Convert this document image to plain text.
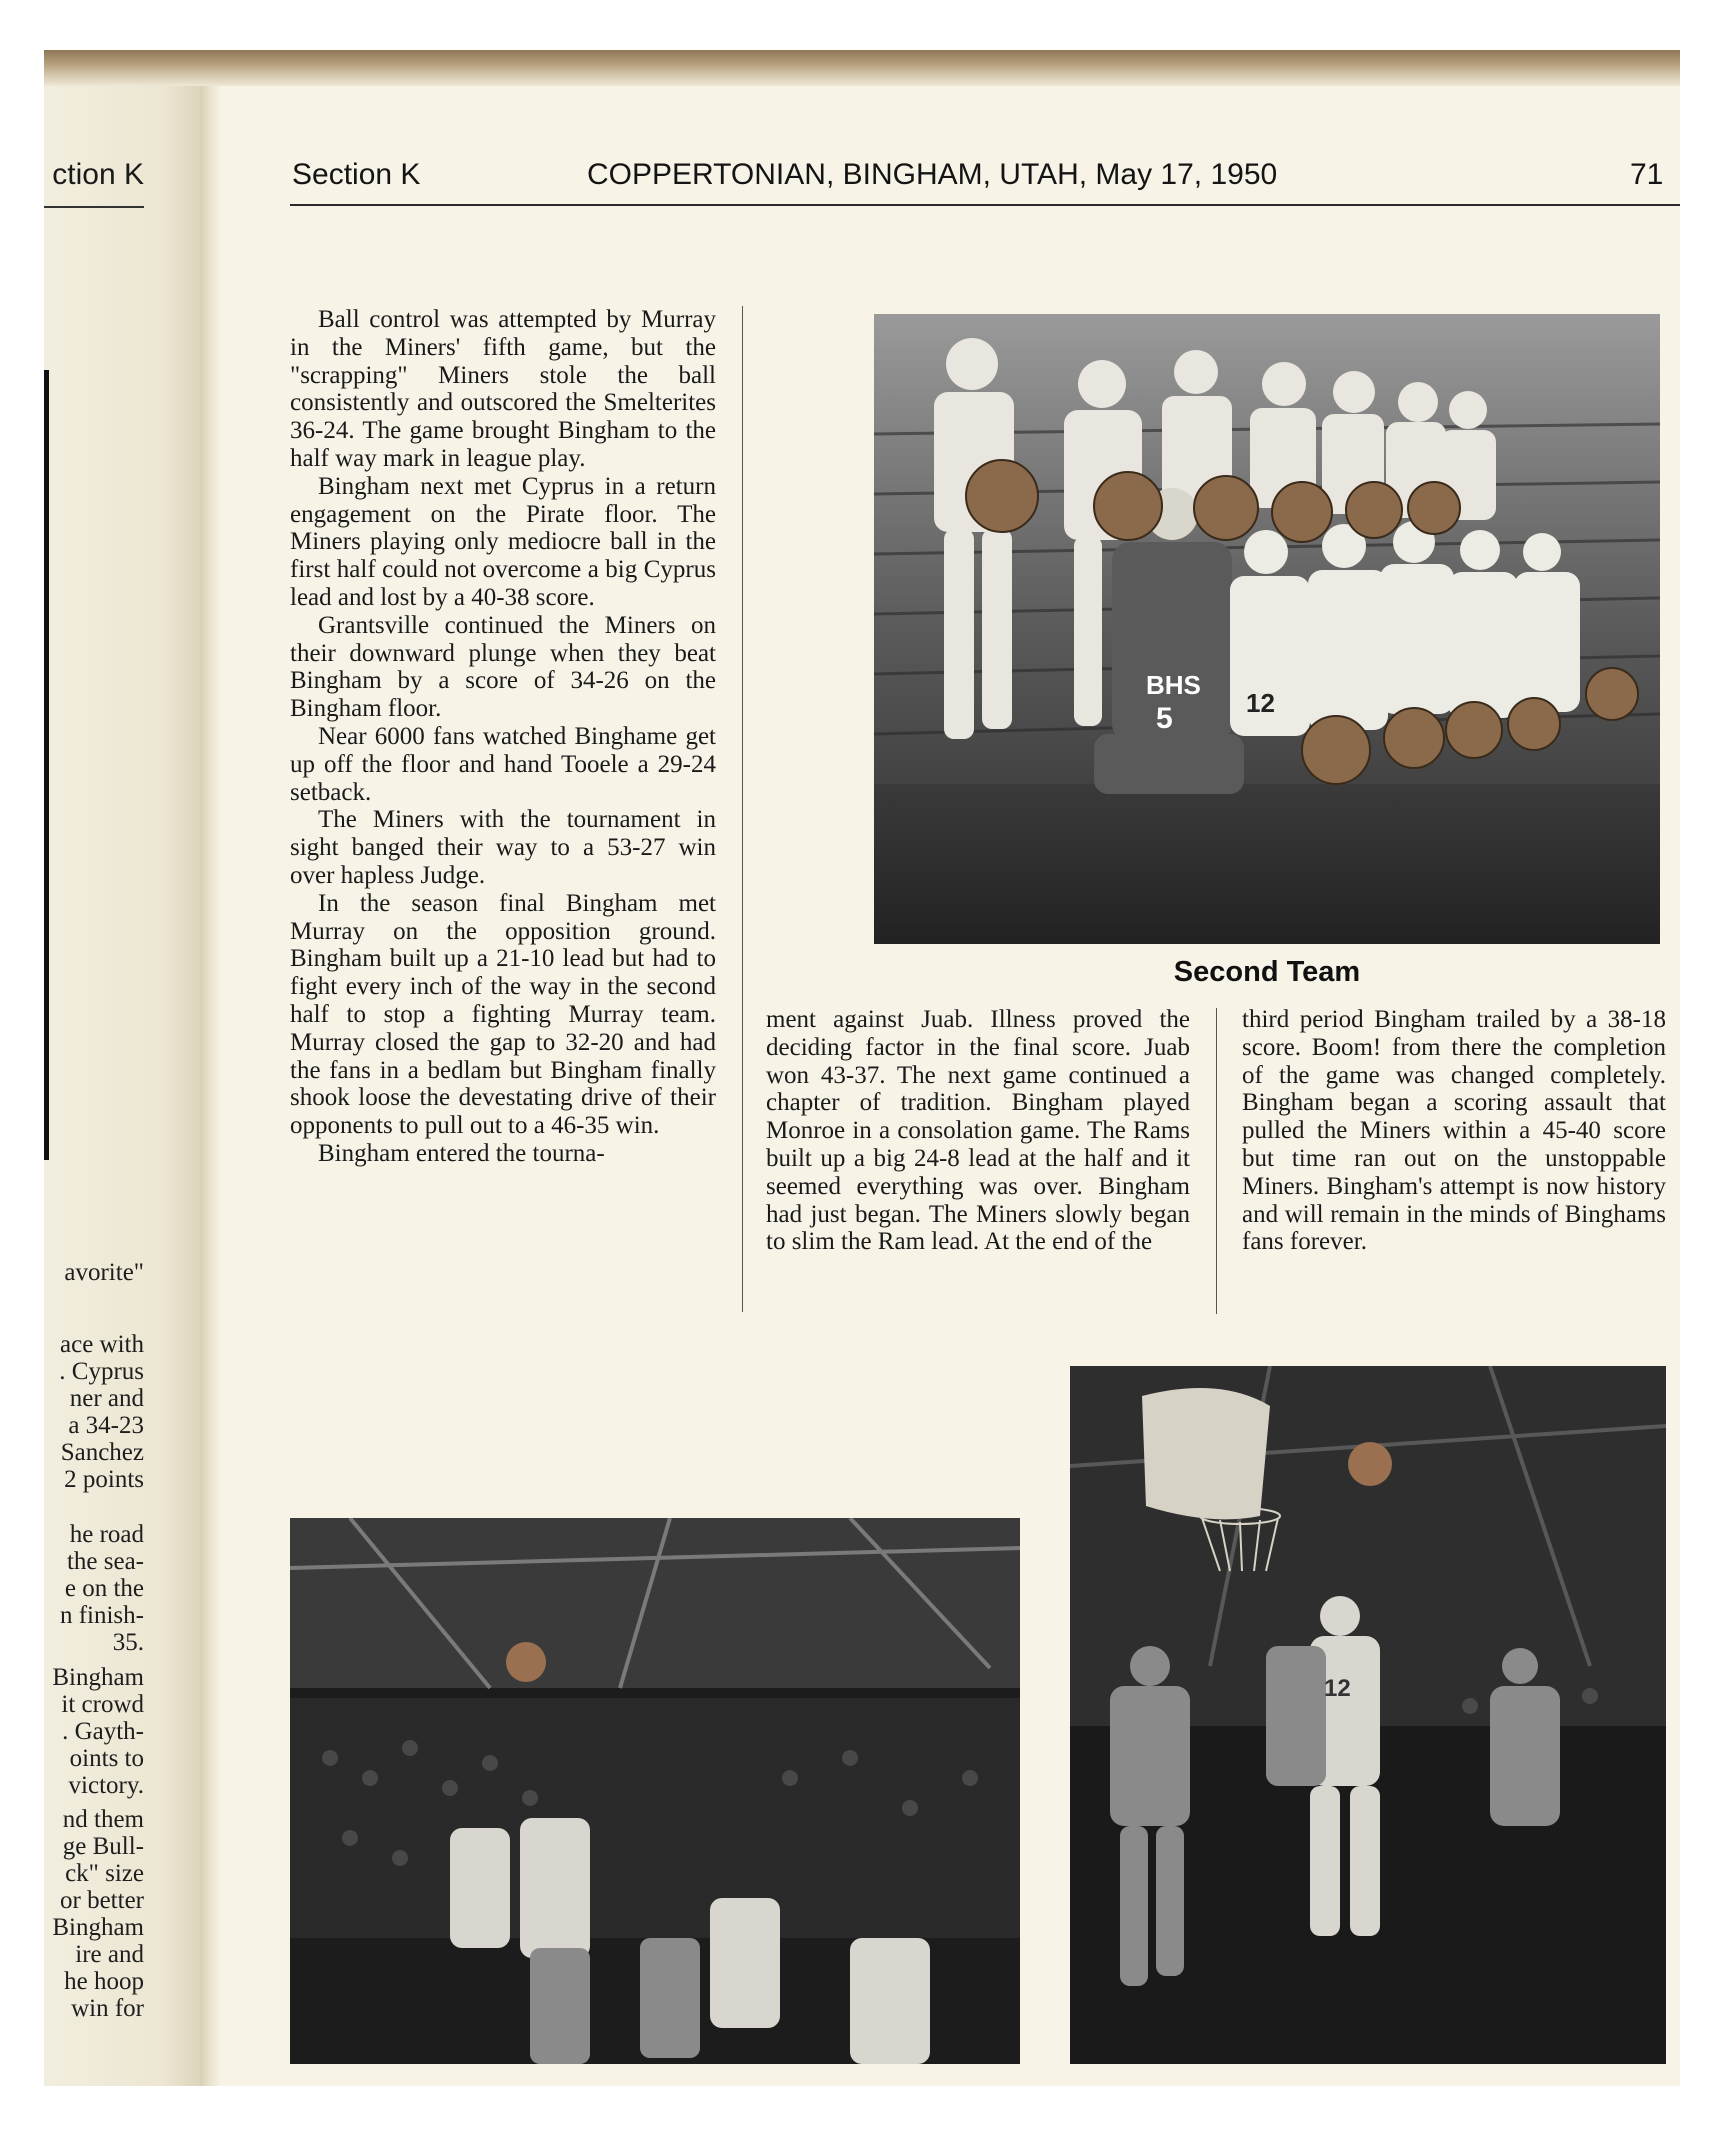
ction K
avorite"
ace with
. Cyprus
ner and
a 34-23
Sanchez
2 points
he road
the sea-
e on the
n finish-
35.
Bingham
it crowd
. Gayth-
oints to
victory.
nd them
ge Bull-
ck" size
or better
Bingham
ire and
he hoop
win for
Section K	COPPERTONIAN, BINGHAM, UTAH, May 17, 1950	71

Ball control was attempted by Murray in the Miners' fifth game, but the "scrapping" Miners stole the ball consistently and outscored the Smelterites 36-24. The game brought Bingham to the half way mark in league play.

Bingham next met Cyprus in a return engagement on the Pirate floor. The Miners playing only mediocre ball in the first half could not overcome a big Cyprus lead and lost by a 40-38 score.

Grantsville continued the Miners on their downward plunge when they beat Bingham by a score of 34-26 on the Bingham floor.

Near 6000 fans watched Binghame get up off the floor and hand Tooele a 29-24 setback.

The Miners with the tournament in sight banged their way to a 53-27 win over hapless Judge.

In the season final Bingham met Murray on the opposition ground. Bingham built up a 21-10 lead but had to fight every inch of the way in the second half to stop a fighting Murray team. Murray closed the gap to 32-20 and had the fans in a bedlam but Bingham finally shook loose the devestating drive of their opponents to pull out to a 46-35 win.

Bingham entered the tourna-

BHS
5	12
Second Team

ment against Juab. Illness proved the deciding factor in the final score. Juab won 43-37. The next game continued a chapter of tradition. Bingham played Monroe in a consolation game. The Rams built up a big 24-8 lead at the half and it seemed everything was over. Bingham had just began. The Miners slowly began to slim the Ram lead. At the end of the

third period Bingham trailed by a 38-18 score. Boom! from there the completion of the game was changed completely. Bingham began a scoring assault that pulled the Miners within a 45-40 score but time ran out on the unstoppable Miners. Bingham's attempt is now history and will remain in the minds of Binghams fans forever.

12
